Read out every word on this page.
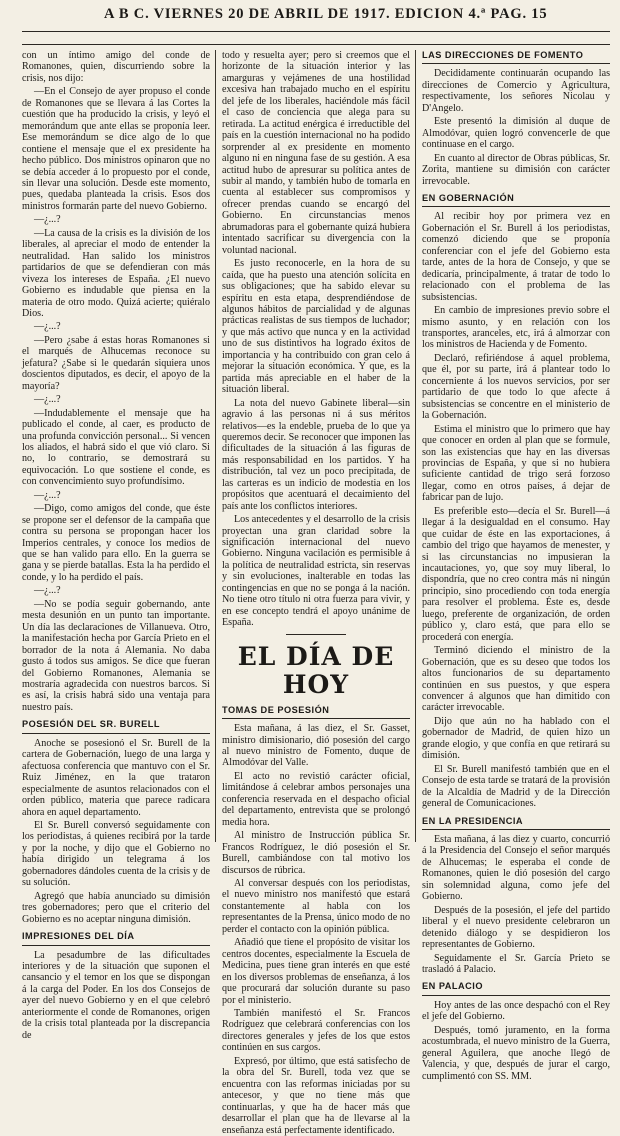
A B C. VIERNES 20 DE ABRIL DE 1917. EDICION 4.ª PAG. 15

con un íntimo amigo del conde de Romanones, quien, discurriendo sobre la crisis, nos dijo:

—En el Consejo de ayer propuso el conde de Romanones que se llevara á las Cortes la cuestión que ha producido la crisis, y leyó el memorándum que ante ellas se proponía leer. Ese memorándum se dice algo de lo que contiene el mensaje que el ex presidente ha hecho público. Dos ministros opinaron que no se debía acceder á lo propuesto por el conde, sin llevar una solución. Desde este momento, pues, quedaba planteada la crisis. Esos dos ministros formarán parte del nuevo Gobierno.

—¿...?

—La causa de la crisis es la división de los liberales, al apreciar el modo de entender la neutralidad. Han salido los ministros partidarios de que se defendieran con más viveza los intereses de España. ¿El nuevo Gobierno es indudable que piensa en la materia de otro modo. Quizá acierte; quiéralo Dios.

—¿...?

—Pero ¿sabe á estas horas Romanones si el marqués de Alhucemas reconoce su jefatura? ¿Sabe si le quedarán siquiera unos doscientos diputados, es decir, el apoyo de la mayoría?

—¿...?

—Indudablemente el mensaje que ha publicado el conde, al caer, es producto de una profunda convicción personal... Si vencen los aliados, el habrá sido el que vió claro. Si no, lo contrario, se demostrará su equivocación. Lo que sostiene el conde, es con convencimiento suyo profundísimo.

—¿...?

—Digo, como amigos del conde, que éste se propone ser el defensor de la campaña que contra su persona se propongan hacer los Imperios centrales, y conoce los medios de que se han valido para ello. En la guerra se gana y se pierde batallas. Esta la ha perdido el conde, y lo ha perdido el país.

—¿...?

—No se podía seguir gobernando, ante mesta desunión en un punto tan importante. Un día las declaraciones de Villanueva. Otro, la manifestación hecha por García Prieto en el borrador de la nota á Alemania. No daba gusto á todos sus amigos. Se dice que fueran del Gobierno Romanones, Alemania se mostraría agradecida con nuestros barcos. Si es así, la crisis habrá sido una ventaja para nuestro país.

POSESIÓN DEL SR. BURELL

Anoche se posesionó el Sr. Burell de la cartera de Gobernación, luego de una larga y afectuosa conferencia que mantuvo con el Sr. Ruiz Jiménez, en la que trataron especialmente de asuntos relacionados con el orden público, materia que parece radicara ahora en aquel departamento.

El Sr. Burell conversó seguidamente con los periodistas, á quienes recibirá por la tarde y por la noche, y dijo que el Gobierno no había dirigido un telegrama á los gobernadores dándoles cuenta de la crisis y de su solución.

Agregó que había anunciado su dimisión tres gobernadores; pero que el criterio del Gobierno es no aceptar ninguna dimisión.

IMPRESIONES DEL DÍA

La pesadumbre de las dificultades interiores y de la situación que suponen el cansancio y el temor en los que se dispongan á la carga del Poder. En los dos Consejos de ayer del nuevo Gobierno y en el que celebró anteriormente el conde de Romanones, origen de la crisis total planteada por la discrepancia de

todo y resuelta ayer; pero si creemos que el horizonte de la situación interior y las amarguras y vejámenes de una hostilidad excesiva han trabajado mucho en el espíritu del jefe de los liberales, haciéndole más fácil el caso de conciencia que alega para su retirada. La actitud enérgica é irreductible del país en la cuestión internacional no ha podido sorprender al ex presidente en momento alguno ni en ninguna fase de su gestión. A esa actitud hubo de apresurar su política antes de subir al mando, y también hubo de tomarla en cuenta al establecer sus compromisos y ofrecer prendas cuando se encargó del Gobierno. En circunstancias menos abrumadoras para el gobernante quizá hubiera intentado sacrificar su divergencia con la voluntad nacional.

Es justo reconocerle, en la hora de su caída, que ha puesto una atención solícita en sus obligaciones; que ha sabido elevar su espíritu en esta etapa, desprendiéndose de algunos hábitos de parcialidad y de algunas prácticas realistas de sus tiempos de luchador; y que más activo que nunca y en la actividad uno de sus distintivos ha logrado éxitos de importancia y ha contribuido con gran celo á mejorar la situación económica. Y que, es la partida más apreciable en el haber de la situación liberal.

La nota del nuevo Gabinete liberal—sin agravio á las personas ni á sus méritos relativos—es la endeble, prueba de lo que ya queremos decir. Se reconocer que imponen las dificultades de la situación á las figuras de más responsabilidad en los partidos. Y ha distribución, tal vez un poco precipitada, de las carteras es un indicio de modestia en los propósitos que acentuará el decaimiento del país ante los conflictos interiores.

Los antecedentes y el desarrollo de la crisis proyectan una gran claridad sobre la significación internacional del nuevo Gobierno. Ninguna vacilación es permisible á la política de neutralidad estricta, sin reservas y sin evoluciones, inalterable en todas las contingencias en que no se ponga á la nación. No tiene otro título ni otra fuerza para vivir, y en ese concepto tendrá el apoyo unánime de España.

EL DÍA DE HOY
TOMAS DE POSESIÓN

Esta mañana, á las diez, el Sr. Gasset, ministro dimisionario, dió posesión del cargo al nuevo ministro de Fomento, duque de Almodóvar del Valle.

El acto no revistió carácter oficial, limitándose á celebrar ambos personajes una conferencia reservada en el despacho oficial del departamento, entrevista que se prolongó media hora.

Al ministro de Instrucción pública Sr. Francos Rodríguez, le dió posesión el Sr. Burell, cambiándose con tal motivo los discursos de rúbrica.

Al conversar después con los periodistas, el nuevo ministro nos manifestó que estará constantemente al habla con los representantes de la Prensa, único modo de no perder el contacto con la opinión pública.

Añadió que tiene el propósito de visitar los centros docentes, especialmente la Escuela de Medicina, pues tiene gran interés en que esté en los diversos problemas de enseñanza, á los que procurará dar solución durante su paso por el ministerio.

También manifestó el Sr. Francos Rodríguez que celebrará conferencias con los directores generales y jefes de los que estos continúen en sus cargos.

Expresó, por último, que está satisfecho de la obra del Sr. Burell, toda vez que se encuentra con las reformas iniciadas por su antecesor, y que no tiene más que continuarlas, y que ha de hacer más que desarrollar el plan que ha de llevarse al la enseñanza está perfectamente identificado.

LAS DIRECCIONES DE FOMENTO

Decididamente continuarán ocupando las direcciones de Comercio y Agricultura, respectivamente, los señores Nicolau y D'Angelo.

Este presentó la dimisión al duque de Almodóvar, quien logró convencerle de que continuase en el cargo.

En cuanto al director de Obras públicas, Sr. Zorita, mantiene su dimisión con carácter irrevocable.

EN GOBERNACIÓN

Al recibir hoy por primera vez en Gobernación el Sr. Burell á los periodistas, comenzó diciendo que se proponía conferenciar con el jefe del Gobierno esta tarde, antes de la hora de Consejo, y que se dedicaría, principalmente, á tratar de todo lo relacionado con el problema de las subsistencias.

En cambio de impresiones previo sobre el mismo asunto, y en relación con los transportes, aranceles, etc, irá á almorzar con los ministros de Hacienda y de Fomento.

Declaró, refiriéndose á aquel problema, que él, por su parte, irá á plantear todo lo concerniente á los nuevos servicios, por ser partidario de que todo lo que afecte á subsistencias se concentre en el ministerio de la Gobernación.

Estima el ministro que lo primero que hay que conocer en orden al plan que se formule, son las existencias que hay en las diversas provincias de España, y que si no hubiera suficiente cantidad de trigo será forzoso llegar, como en otros países, á dejar de fabricar pan de lujo.

Es preferible esto—decía el Sr. Burell—á llegar á la desigualdad en el consumo. Hay que cuidar de éste en las exportaciones, á cambio del trigo que hayamos de menester, y si las circunstancias no impusieran la incautaciones, yo, que soy muy liberal, lo dispondría, que no creo contra más ni ningún principio, sino procediendo con toda energía para resolver el problema. Éste es, desde luego, preferente de organización, de orden público y, claro está, que para ello se procederá con energía.

Terminó diciendo el ministro de la Gobernación, que es su deseo que todos los altos funcionarios de su departamento continúen en sus puestos, y que espera convencer á algunos que han dimitido con carácter irrevocable.

Dijo que aún no ha hablado con el gobernador de Madrid, de quien hizo un grande elogio, y que confía en que retirará su dimisión.

El Sr. Burell manifestó también que en el Consejo de esta tarde se tratará de la provisión de la Alcaldía de Madrid y de la Dirección general de Comunicaciones.

EN LA PRESIDENCIA

Esta mañana, á las diez y cuarto, concurrió á la Presidencia del Consejo el señor marqués de Alhucemas; le esperaba el conde de Romanones, quien le dió posesión del cargo sin solemnidad alguna, como jefe del Gobierno.

Después de la posesión, el jefe del partido liberal y el nuevo presidente celebraron un detenido diálogo y se despidieron los representantes de Gobierno.

Seguidamente el Sr. García Prieto se trasladó á Palacio.

EN PALACIO

Hoy antes de las once despachó con el Rey el jefe del Gobierno.

Después, tomó juramento, en la forma acostumbrada, el nuevo ministro de la Guerra, general Aguilera, que anoche llegó de Valencia, y que, después de jurar el cargo, cumplimentó con SS. MM.
